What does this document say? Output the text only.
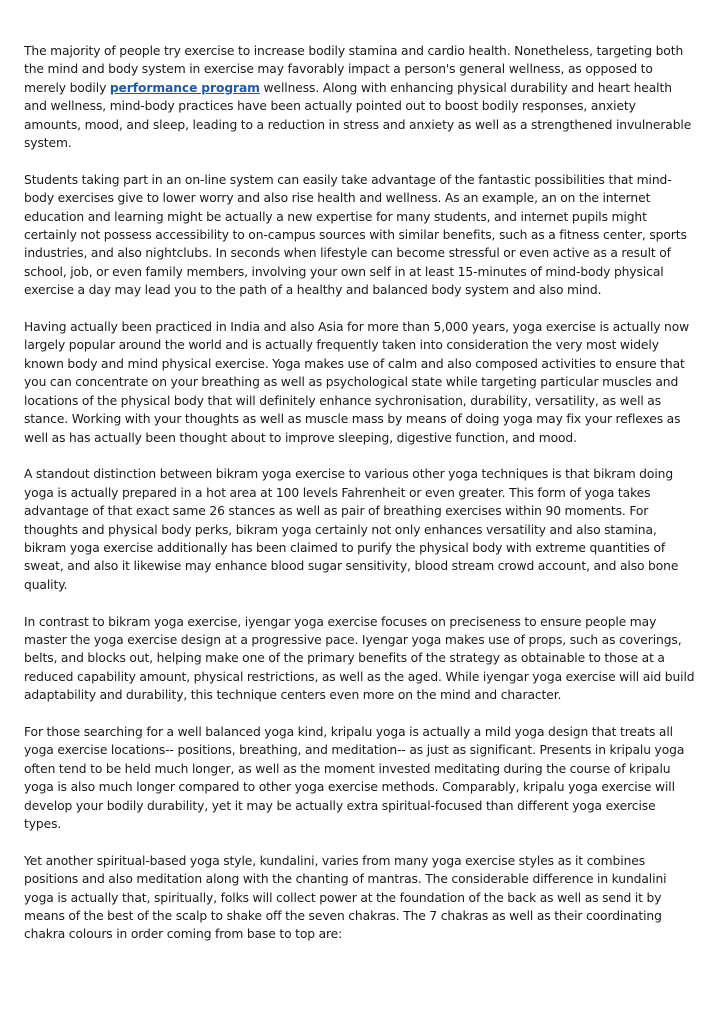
The majority of people try exercise to increase bodily stamina and cardio health. Nonetheless, targeting both the mind and body system in exercise may favorably impact a person's general wellness, as opposed to merely bodily performance program wellness. Along with enhancing physical durability and heart health and wellness, mind-body practices have been actually pointed out to boost bodily responses, anxiety amounts, mood, and sleep, leading to a reduction in stress and anxiety as well as a strengthened invulnerable system.

Students taking part in an on-line system can easily take advantage of the fantastic possibilities that mind-body exercises give to lower worry and also rise health and wellness. As an example, an on the internet education and learning might be actually a new expertise for many students, and internet pupils might certainly not possess accessibility to on-campus sources with similar benefits, such as a fitness center, sports industries, and also nightclubs. In seconds when lifestyle can become stressful or even active as a result of school, job, or even family members, involving your own self in at least 15-minutes of mind-body physical exercise a day may lead you to the path of a healthy and balanced body system and also mind.

Having actually been practiced in India and also Asia for more than 5,000 years, yoga exercise is actually now largely popular around the world and is actually frequently taken into consideration the very most widely known body and mind physical exercise. Yoga makes use of calm and also composed activities to ensure that you can concentrate on your breathing as well as psychological state while targeting particular muscles and locations of the physical body that will definitely enhance sychronisation, durability, versatility, as well as stance. Working with your thoughts as well as muscle mass by means of doing yoga may fix your reflexes as well as has actually been thought about to improve sleeping, digestive function, and mood.

A standout distinction between bikram yoga exercise to various other yoga techniques is that bikram doing yoga is actually prepared in a hot area at 100 levels Fahrenheit or even greater. This form of yoga takes advantage of that exact same 26 stances as well as pair of breathing exercises within 90 moments. For thoughts and physical body perks, bikram yoga certainly not only enhances versatility and also stamina, bikram yoga exercise additionally has been claimed to purify the physical body with extreme quantities of sweat, and also it likewise may enhance blood sugar sensitivity, blood stream crowd account, and also bone quality.

In contrast to bikram yoga exercise, iyengar yoga exercise focuses on preciseness to ensure people may master the yoga exercise design at a progressive pace. Iyengar yoga makes use of props, such as coverings, belts, and blocks out, helping make one of the primary benefits of the strategy as obtainable to those at a reduced capability amount, physical restrictions, as well as the aged. While iyengar yoga exercise will aid build adaptability and durability, this technique centers even more on the mind and character.

For those searching for a well balanced yoga kind, kripalu yoga is actually a mild yoga design that treats all yoga exercise locations-- positions, breathing, and meditation-- as just as significant. Presents in kripalu yoga often tend to be held much longer, as well as the moment invested meditating during the course of kripalu yoga is also much longer compared to other yoga exercise methods. Comparably, kripalu yoga exercise will develop your bodily durability, yet it may be actually extra spiritual-focused than different yoga exercise types.

Yet another spiritual-based yoga style, kundalini, varies from many yoga exercise styles as it combines positions and also meditation along with the chanting of mantras. The considerable difference in kundalini yoga is actually that, spiritually, folks will collect power at the foundation of the back as well as send it by means of the best of the scalp to shake off the seven chakras. The 7 chakras as well as their coordinating chakra colours in order coming from base to top are:
